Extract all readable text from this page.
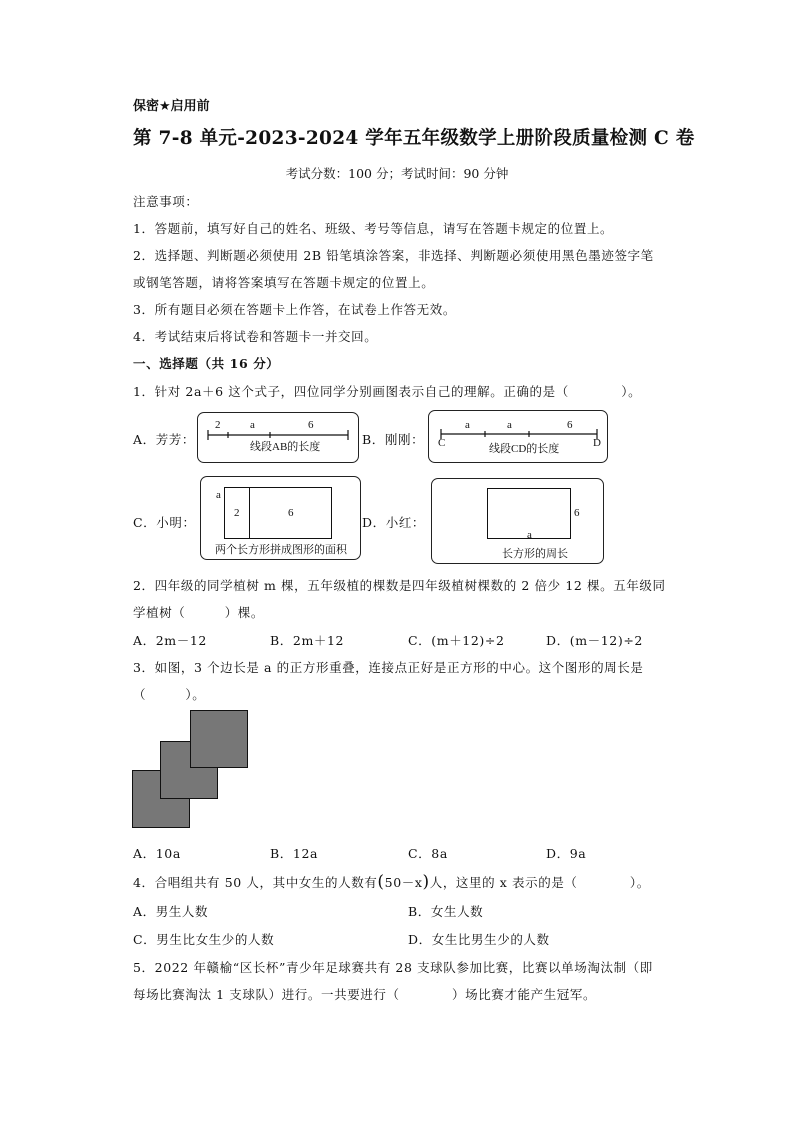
保密★启用前
第 7-8 单元-2023-2024 学年五年级数学上册阶段质量检测 C 卷
考试分数：100 分；考试时间：90 分钟
注意事项：
1．答题前，填写好自己的姓名、班级、考号等信息，请写在答题卡规定的位置上。
2．选择题、判断题必须使用 2B 铅笔填涂答案，非选择、判断题必须使用黑色墨迹签字笔
或钢笔答题，请将答案填写在答题卡规定的位置上。
3．所有题目必须在答题卡上作答，在试卷上作答无效。
4．考试结束后将试卷和答题卡一并交回。
一、选择题（共 16 分）
1．针对 2a＋6 这个式子，四位同学分别画图表示自己的理解。正确的是（　　　　）。
A．芳芳：
2	a	6
线段AB的长度	B．刚刚：
a	a	6
C	D
线段CD的长度
C．小明：
a
2	6
两个长方形拼成图形的面积
D．小红：
6
a
长方形的周长
2．四年级的同学植树 m 棵，五年级植的棵数是四年级植树棵数的 2 倍少 12 棵。五年级同
学植树（　　　）棵。
A．2m－12	B．2m＋12	C．(m＋12)÷2	D．(m－12)÷2
3．如图，3 个边长是 a 的正方形重叠，连接点正好是正方形的中心。这个图形的周长是
（　　　）。
A．10a	B．12a	C．8a	D．9a
4．合唱组共有 50 人，其中女生的人数有(50－x)人，这里的 x 表示的是（　　　　）。
A．男生人数	B．女生人数
C．男生比女生少的人数	D．女生比男生少的人数
5．2022 年赣榆“区长杯”青少年足球赛共有 28 支球队参加比赛，比赛以单场淘汰制（即
每场比赛淘汰 1 支球队）进行。一共要进行（　　　　）场比赛才能产生冠军。
